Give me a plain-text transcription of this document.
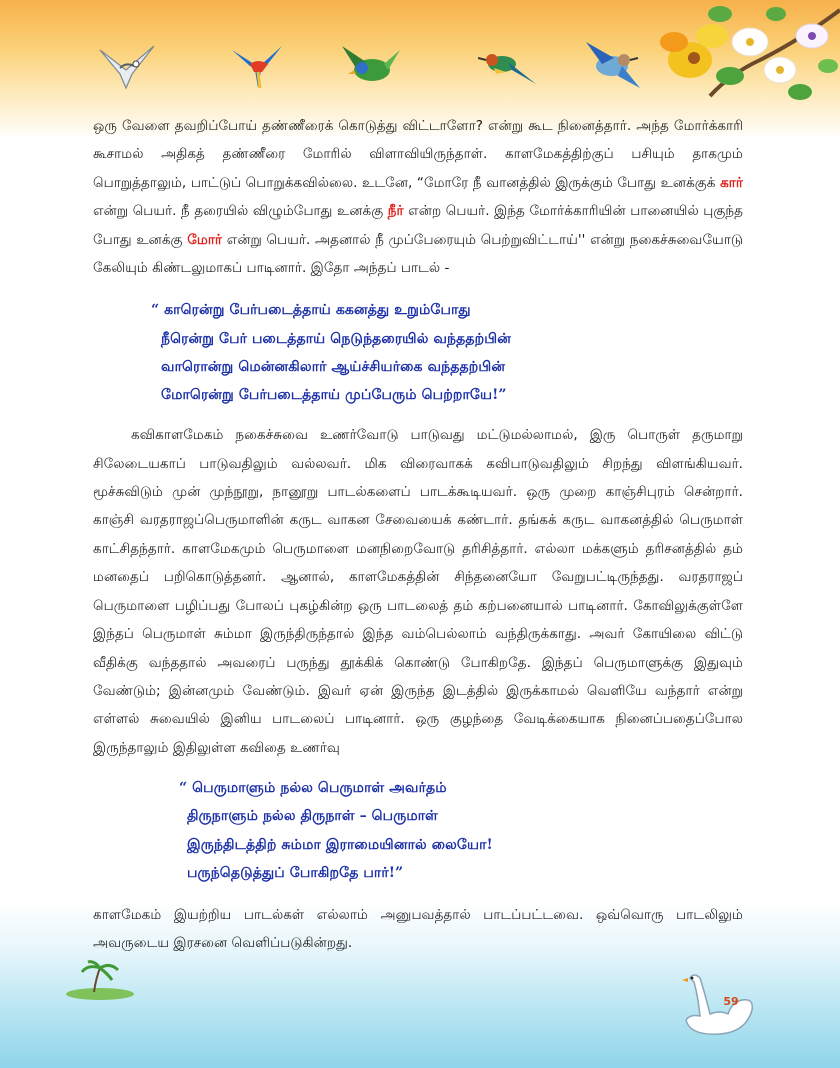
59

ஒரு வேளை தவறிப்போய் தண்ணீரைக் கொடுத்து விட்டாளோ? என்று கூட நினைத்தார். அந்த மோர்க்காரி கூசாமல் அதிகத் தண்ணீரை மோரில் விளாவியிருந்தாள். காளமேகத்திற்குப் பசியும் தாகமும் பொறுத்தாலும், பாட்டுப் பொறுக்கவில்லை. உடனே, “மோரே நீ வானத்தில் இருக்கும் போது உனக்குக் கார் என்று பெயர். நீ தரையில் விழும்போது உனக்கு நீர் என்ற பெயர். இந்த மோர்க்காரியின் பானையில் புகுந்த போது உனக்கு மோர் என்று பெயர். அதனால் நீ முப்பேரையும் பெற்றுவிட்டாய்'' என்று நகைச்சுவையோடு கேலியும் கிண்டலுமாகப் பாடினார். இதோ அந்தப் பாடல் -

“ காரென்று பேர்படைத்தாய் ககனத்து உறும்போது
நீரென்று பேர் படைத்தாய் நெடுந்தரையில் வந்ததற்பின்
வாரொன்று மென்னகிலார் ஆய்ச்சியர்கை வந்ததற்பின்
மோரென்று பேர்படைத்தாய் முப்பேரும் பெற்றாயே!”

கவிகாளமேகம் நகைச்சுவை உணர்வோடு பாடுவது மட்டுமல்லாமல், இரு பொருள் தருமாறு சிலேடையகாப் பாடுவதிலும் வல்லவர். மிக விரைவாகக் கவிபாடுவதிலும் சிறந்து விளங்கியவர். மூச்சுவிடும் முன் முந்நூறு, நானூறு பாடல்களைப் பாடக்கூடியவர். ஒரு முறை காஞ்சிபுரம் சென்றார். காஞ்சி வரதராஜப்பெருமாளின் கருட வாகன சேவையைக் கண்டார். தங்கக் கருட வாகனத்தில் பெருமாள் காட்சிதந்தார். காளமேகமும் பெருமாளை மனநிறைவோடு தரிசித்தார். எல்லா மக்களும் தரிசனத்தில் தம் மனதைப் பறிகொடுத்தனர். ஆனால், காளமேகத்தின் சிந்தனையோ வேறுபட்டிருந்தது. வரதராஜப் பெருமாளை பழிப்பது போலப் புகழ்கின்ற ஒரு பாடலைத் தம் கற்பனையால் பாடினார். கோவிலுக்குள்ளே இந்தப் பெருமாள் சும்மா இருந்திருந்தால் இந்த வம்பெல்லாம் வந்திருக்காது. அவர் கோயிலை விட்டு வீதிக்கு வந்ததால் அவரைப் பருந்து தூக்கிக் கொண்டு போகிறதே. இந்தப் பெருமாளுக்கு இதுவும் வேண்டும்; இன்னமும் வேண்டும். இவர் ஏன் இருந்த இடத்தில் இருக்காமல் வெளியே வந்தார் என்று எள்ளல் சுவையில் இனிய பாடலைப் பாடினார். ஒரு குழந்தை வேடிக்கையாக நினைப்பதைப்போல இருந்தாலும் இதிலுள்ள கவிதை உணர்வு

“ பெருமாளும் நல்ல பெருமாள் அவர்தம்
திருநாளும் நல்ல திருநாள் – பெருமாள்
இருந்திடத்திற் சும்மா இராமையினால் லையோ!
பருந்தெடுத்துப் போகிறதே பார்!”

காளமேகம் இயற்றிய பாடல்கள் எல்லாம் அனுபவத்தால் பாடப்பட்டவை. ஒவ்வொரு பாடலிலும் அவருடைய இரசனை வெளிப்படுகின்றது.
